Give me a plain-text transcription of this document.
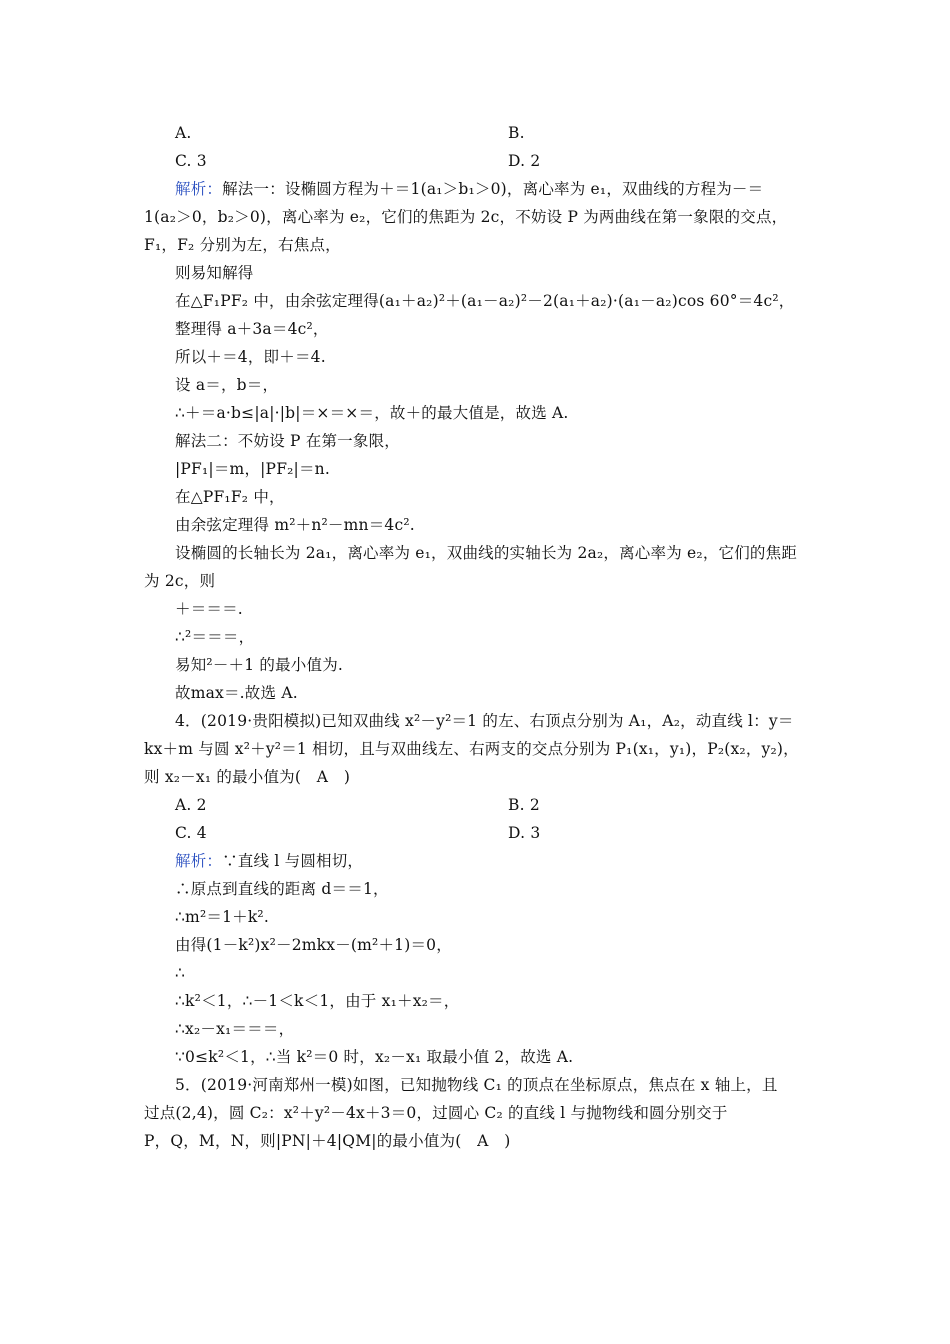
A.	B.
C. 3	D. 2
解析：解法一：设椭圆方程为＋＝1(a₁＞b₁＞0)，离心率为 e₁，双曲线的方程为－＝
1(a₂＞0，b₂＞0)，离心率为 e₂，它们的焦距为 2c，不妨设 P 为两曲线在第一象限的交点，
F₁，F₂ 分别为左，右焦点，
则易知解得
在△F₁PF₂ 中，由余弦定理得(a₁＋a₂)²＋(a₁－a₂)²－2(a₁＋a₂)·(a₁－a₂)cos 60°＝4c²，
整理得 a＋3a＝4c²，
所以＋＝4，即＋＝4.
设 a＝，b＝，
∴＋＝a·b≤|a|·|b|＝×＝×＝，故＋的最大值是，故选 A.
解法二：不妨设 P 在第一象限，
|PF₁|＝m，|PF₂|＝n.
在△PF₁F₂ 中，
由余弦定理得 m²＋n²－mn＝4c².
设椭圆的长轴长为 2a₁，离心率为 e₁，双曲线的实轴长为 2a₂，离心率为 e₂，它们的焦距
为 2c，则
＋＝＝＝.
∴²＝＝＝，
易知²－＋1 的最小值为.
故max＝.故选 A.
4．(2019·贵阳模拟)已知双曲线 x²－y²＝1 的左、右顶点分别为 A₁，A₂，动直线 l：y＝
kx＋m 与圆 x²＋y²＝1 相切，且与双曲线左、右两支的交点分别为 P₁(x₁，y₁)，P₂(x₂，y₂)，
则 x₂－x₁ 的最小值为(　A　)
A. 2	B. 2
C. 4	D. 3
解析：∵直线 l 与圆相切，
∴原点到直线的距离 d＝＝1，
∴m²＝1＋k².
由得(1－k²)x²－2mkx－(m²＋1)＝0，
∴
∴k²＜1，∴－1＜k＜1，由于 x₁＋x₂＝，
∴x₂－x₁＝＝＝，
∵0≤k²＜1，∴当 k²＝0 时，x₂－x₁ 取最小值 2，故选 A.
5．(2019·河南郑州一模)如图，已知抛物线 C₁ 的顶点在坐标原点，焦点在 x 轴上，且
过点(2,4)，圆 C₂：x²＋y²－4x＋3＝0，过圆心 C₂ 的直线 l 与抛物线和圆分别交于
P，Q，M，N，则|PN|＋4|QM|的最小值为(　A　)
